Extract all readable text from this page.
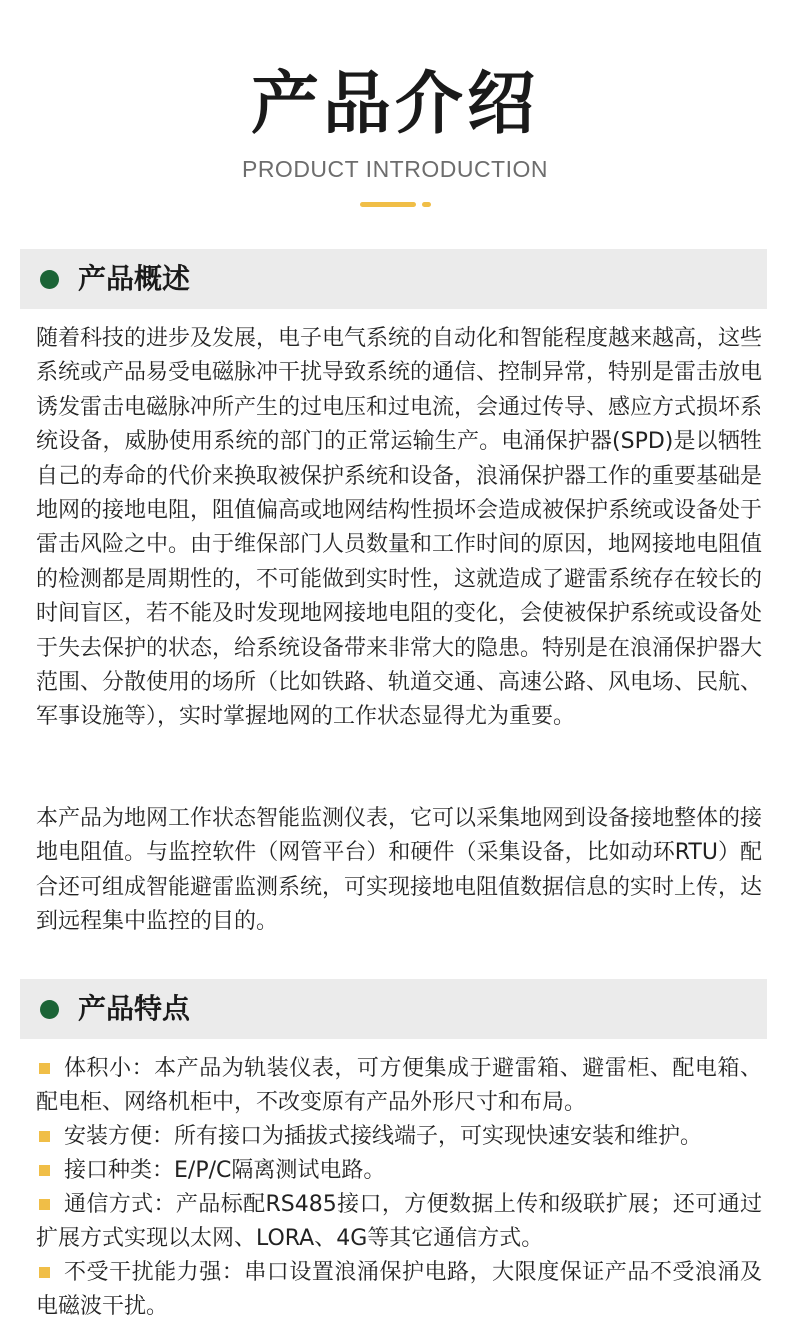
产品介绍
PRODUCT INTRODUCTION
产品概述

随着科技的进步及发展，电子电气系统的自动化和智能程度越来越高，这些系统或产品易受电磁脉冲干扰导致系统的通信、控制异常，特别是雷击放电诱发雷击电磁脉冲所产生的过电压和过电流，会通过传导、感应方式损坏系统设备，威胁使用系统的部门的正常运输生产。电涌保护器(SPD)是以牺牲自己的寿命的代价来换取被保护系统和设备，浪涌保护器工作的重要基础是地网的接地电阻，阻值偏高或地网结构性损坏会造成被保护系统或设备处于雷击风险之中。由于维保部门人员数量和工作时间的原因，地网接地电阻值的检测都是周期性的，不可能做到实时性，这就造成了避雷系统存在较长的时间盲区，若不能及时发现地网接地电阻的变化，会使被保护系统或设备处于失去保护的状态，给系统设备带来非常大的隐患。特别是在浪涌保护器大范围、分散使用的场所（比如铁路、轨道交通、高速公路、风电场、民航、军事设施等），实时掌握地网的工作状态显得尤为重要。

本产品为地网工作状态智能监测仪表，它可以采集地网到设备接地整体的接地电阻值。与监控软件（网管平台）和硬件（采集设备，比如动环RTU）配合还可组成智能避雷监测系统，可实现接地电阻值数据信息的实时上传，达到远程集中监控的目的。

产品特点

体积小：本产品为轨装仪表，可方便集成于避雷箱、避雷柜、配电箱、配电柜、网络机柜中，不改变原有产品外形尺寸和布局。

安装方便：所有接口为插拔式接线端子，可实现快速安装和维护。

接口种类：E/P/C隔离测试电路。

通信方式：产品标配RS485接口，方便数据上传和级联扩展；还可通过扩展方式实现以太网、LORA、4G等其它通信方式。

不受干扰能力强：串口设置浪涌保护电路，大限度保证产品不受浪涌及电磁波干扰。
